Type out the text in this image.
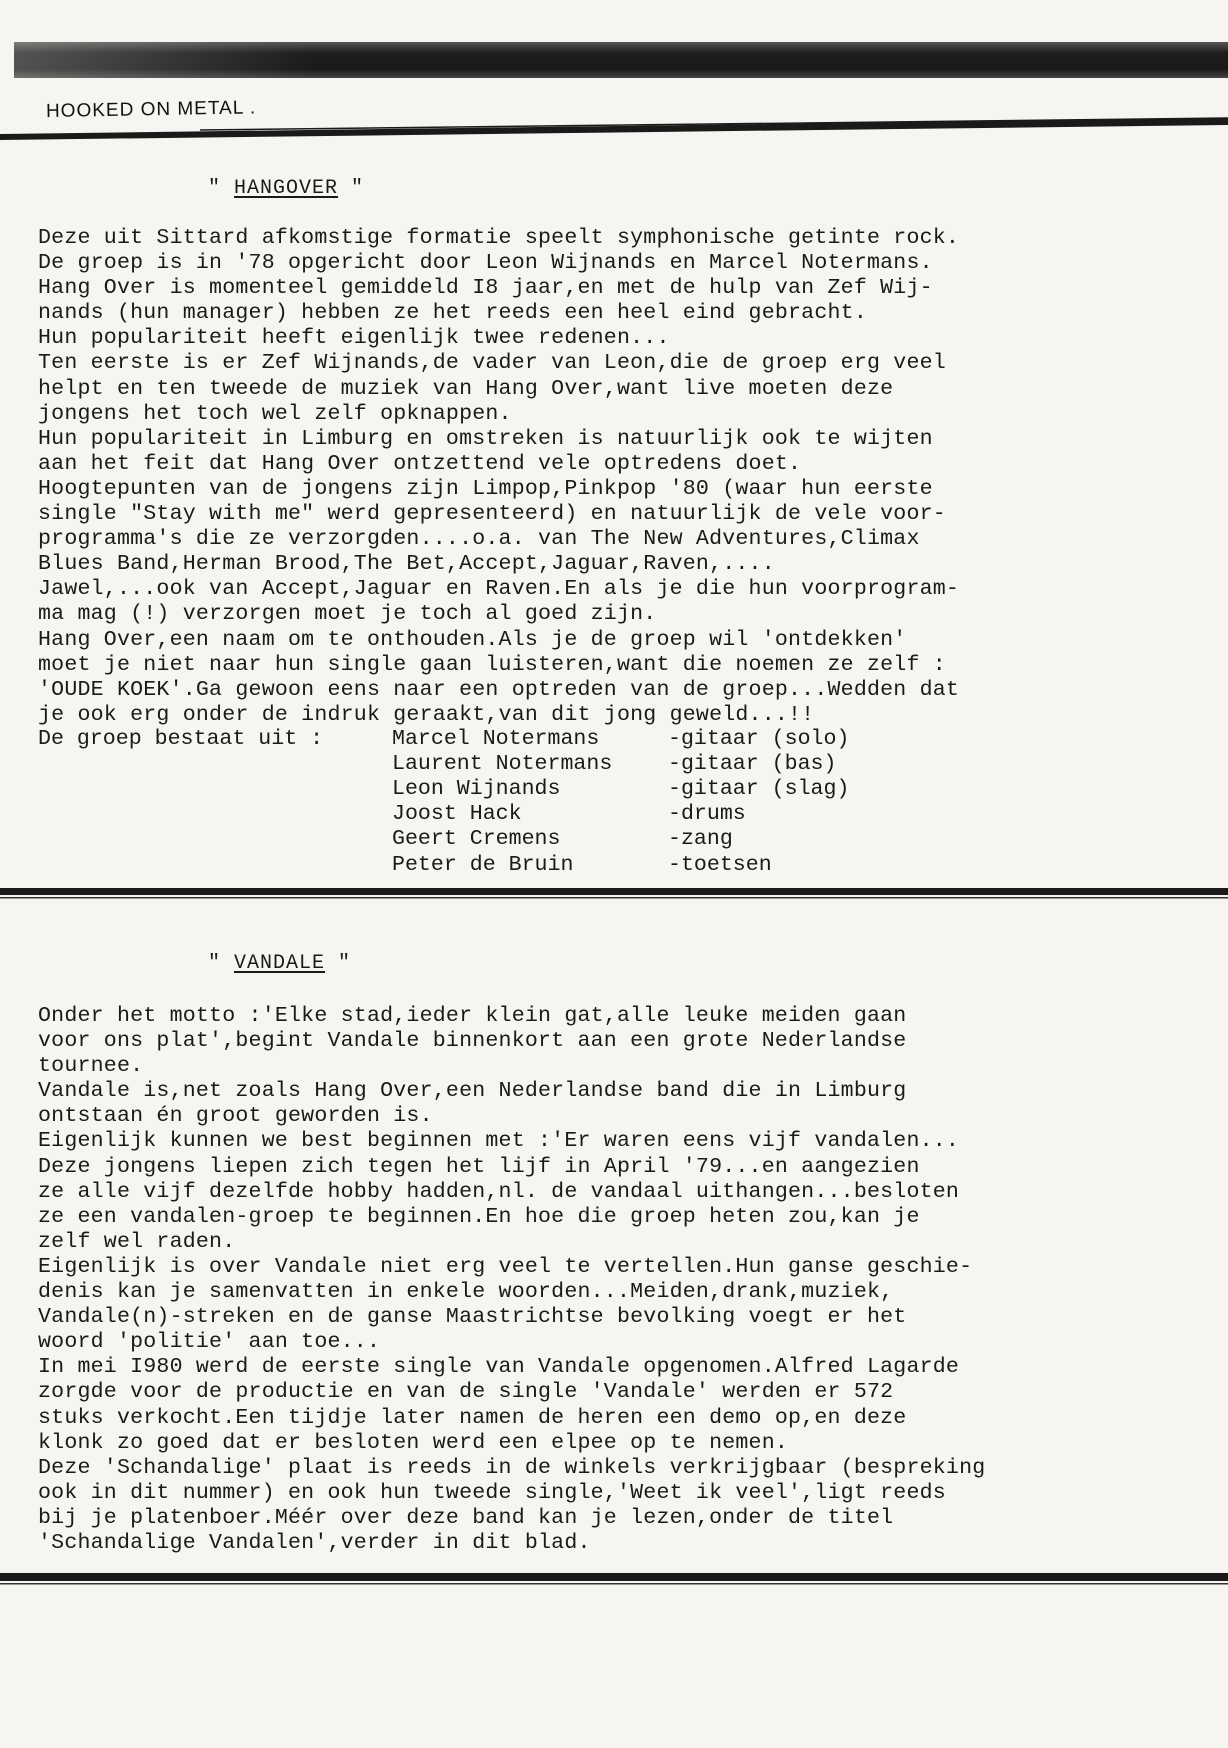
HOOKED ON METAL .
" HANGOVER "
Deze uit Sittard afkomstige formatie speelt symphonische getinte rock.
De groep is in '78 opgericht door Leon Wijnands en Marcel Notermans.
Hang Over is momenteel gemiddeld I8 jaar,en met de hulp van Zef Wij-
nands (hun manager) hebben ze het reeds een heel eind gebracht.
Hun populariteit heeft eigenlijk twee redenen...
Ten eerste is er Zef Wijnands,de vader van Leon,die de groep erg veel
helpt en ten tweede de muziek van Hang Over,want live moeten deze
jongens het toch wel zelf opknappen.
Hun populariteit in Limburg en omstreken is natuurlijk ook te wijten
aan het feit dat Hang Over ontzettend vele optredens doet.
Hoogtepunten van de jongens zijn Limpop,Pinkpop '80 (waar hun eerste
single "Stay with me" werd gepresenteerd) en natuurlijk de vele voor-
programma's die ze verzorgden....o.a. van The New Adventures,Climax
Blues Band,Herman Brood,The Bet,Accept,Jaguar,Raven,....
Jawel,...ook van Accept,Jaguar en Raven.En als je die hun voorprogram-
ma mag (!) verzorgen moet je toch al goed zijn.
Hang Over,een naam om te onthouden.Als je de groep wil 'ontdekken'
moet je niet naar hun single gaan luisteren,want die noemen ze zelf :
'OUDE KOEK'.Ga gewoon eens naar een optreden van de groep...Wedden dat
je ook erg onder de indruk geraakt,van dit jong geweld...!!

De groep bestaat uit :

	Marcel Notermans	-gitaar (solo)
Laurent Notermans	-gitaar (bas)
Leon Wijnands	-gitaar (slag)
Joost Hack	-drums
Geert Cremens	-zang
Peter de Bruin	-toetsen

" VANDALE "
Onder het motto :'Elke stad,ieder klein gat,alle leuke meiden gaan
voor ons plat',begint Vandale binnenkort aan een grote Nederlandse
tournee.
Vandale is,net zoals Hang Over,een Nederlandse band die in Limburg
ontstaan én groot geworden is.
Eigenlijk kunnen we best beginnen met :'Er waren eens vijf vandalen...
Deze jongens liepen zich tegen het lijf in April '79...en aangezien
ze alle vijf dezelfde hobby hadden,nl. de vandaal uithangen...besloten
ze een vandalen-groep te beginnen.En hoe die groep heten zou,kan je
zelf wel raden.
Eigenlijk is over Vandale niet erg veel te vertellen.Hun ganse geschie-
denis kan je samenvatten in enkele woorden...Meiden,drank,muziek,
Vandale(n)-streken en de ganse Maastrichtse bevolking voegt er het
woord 'politie' aan toe...
In mei I980 werd de eerste single van Vandale opgenomen.Alfred Lagarde
zorgde voor de productie en van de single 'Vandale' werden er 572
stuks verkocht.Een tijdje later namen de heren een demo op,en deze
klonk zo goed dat er besloten werd een elpee op te nemen.
Deze 'Schandalige' plaat is reeds in de winkels verkrijgbaar (bespreking
ook in dit nummer) en ook hun tweede single,'Weet ik veel',ligt reeds
bij je platenboer.Méér over deze band kan je lezen,onder de titel
'Schandalige Vandalen',verder in dit blad.
